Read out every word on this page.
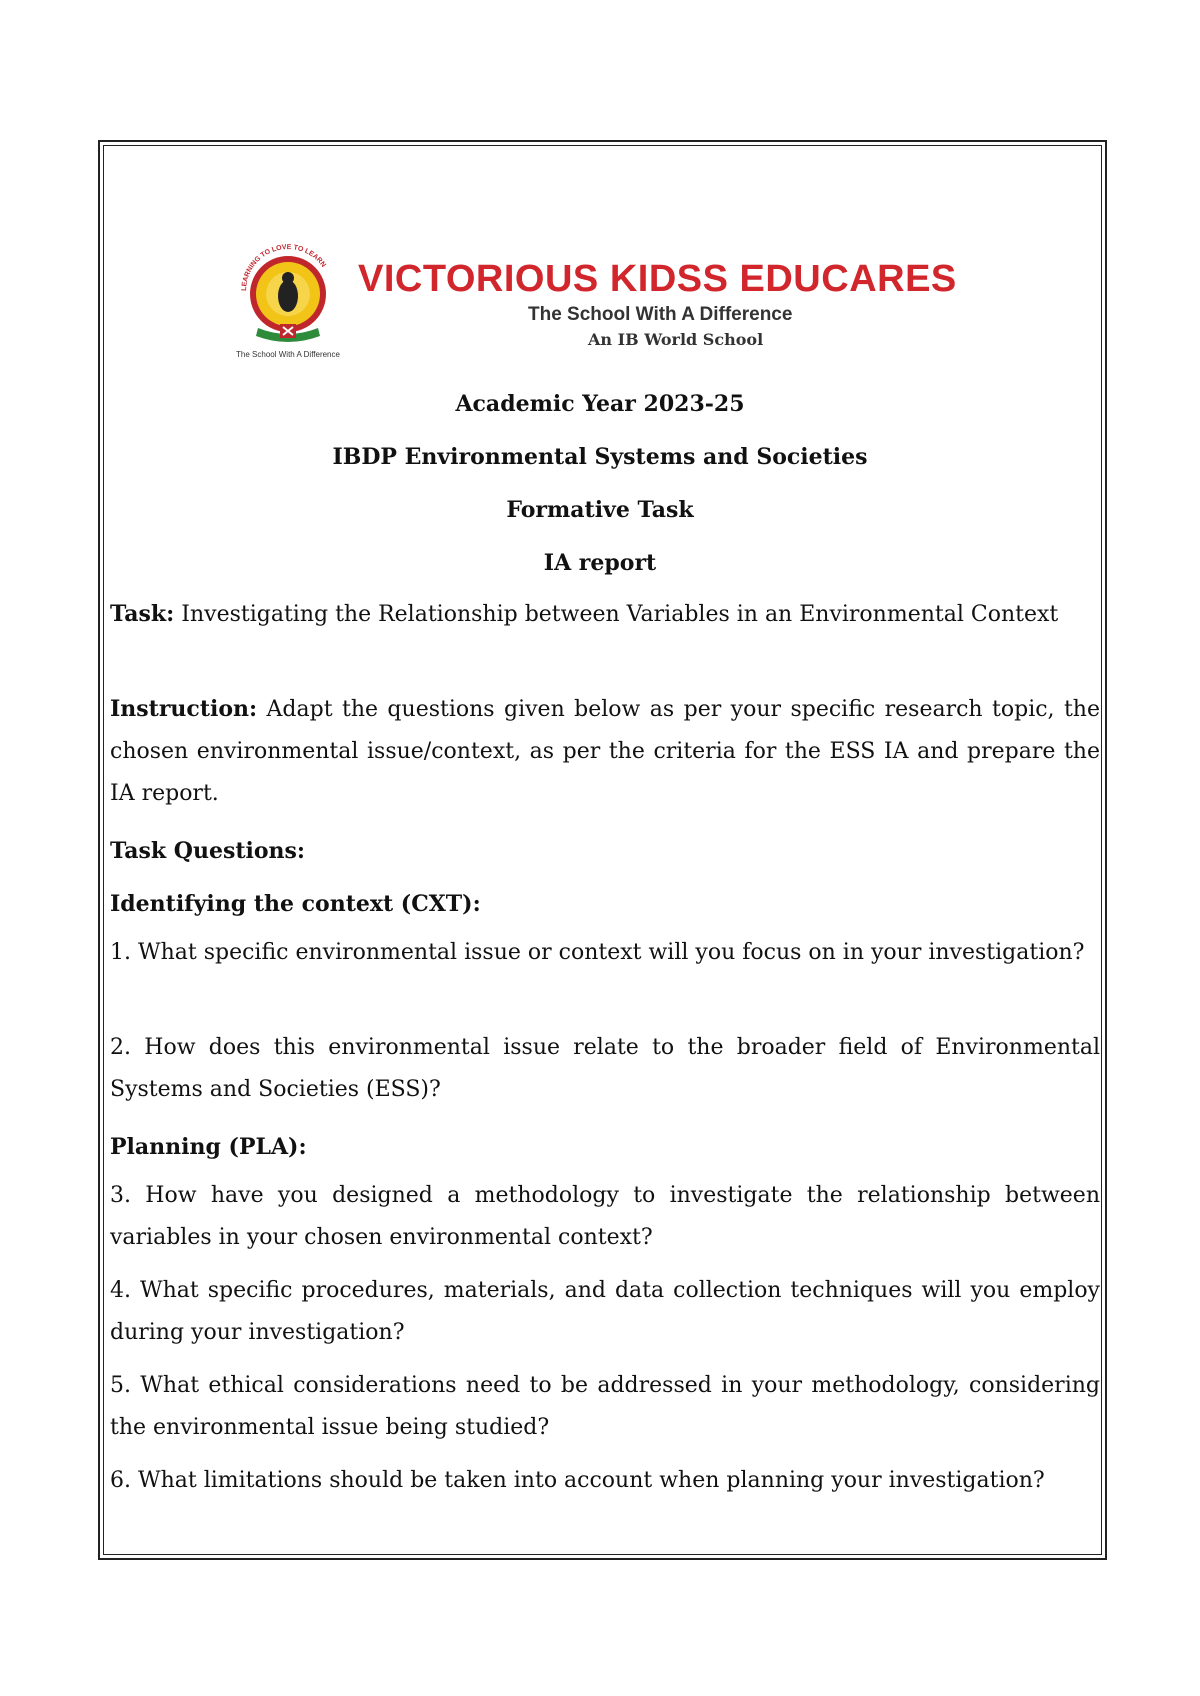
LEARNING TO LOVE TO LEARN
The School With A Difference
VICTORIOUS KIDSS EDUCARES
The School With A Difference
An IB World School
Academic Year 2023-25
IBDP Environmental Systems and Societies
Formative Task
IA report
Task: Investigating the Relationship between Variables in an Environmental Context
Instruction: Adapt the questions given below as per your specific research topic, the chosen environmental issue/context, as per the criteria for the ESS IA and prepare the IA report.
Task Questions:
Identifying the context (CXT):
1. What specific environmental issue or context will you focus on in your investigation?
2. How does this environmental issue relate to the broader field of Environmental Systems and Societies (ESS)?
Planning (PLA):
3. How have you designed a methodology to investigate the relationship between variables in your chosen environmental context?
4. What specific procedures, materials, and data collection techniques will you employ during your investigation?
5. What ethical considerations need to be addressed in your methodology, considering the environmental issue being studied?
6. What limitations should be taken into account when planning your investigation?
